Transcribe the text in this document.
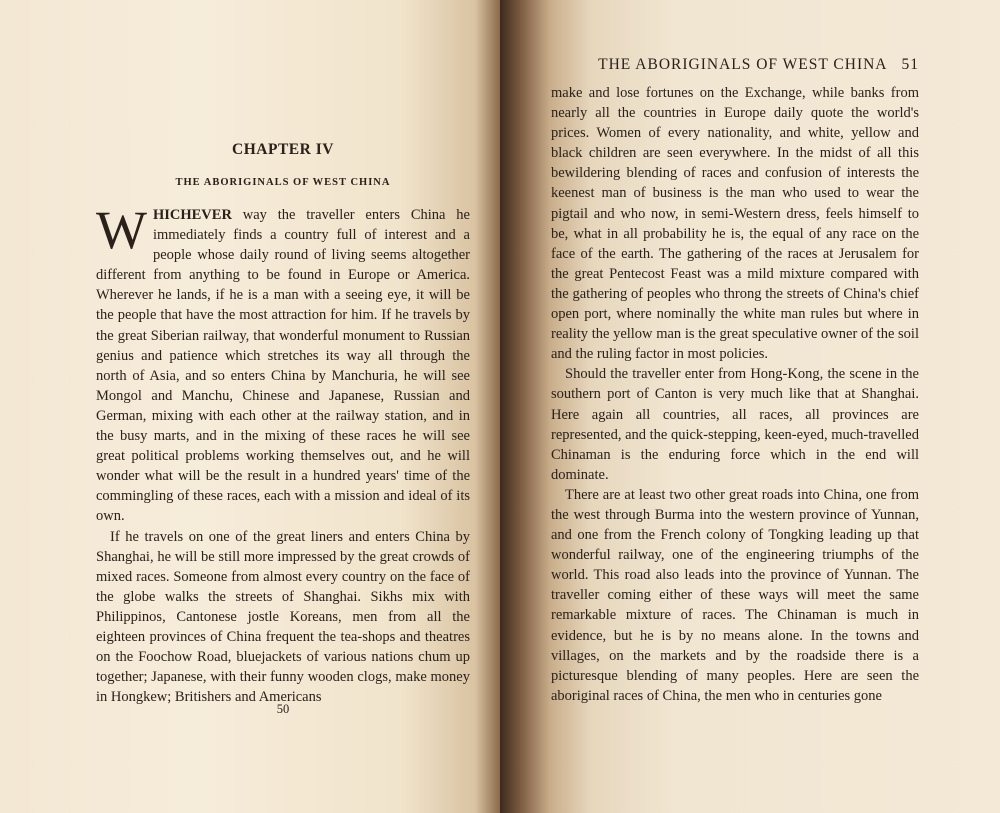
CHAPTER IV
THE ABORIGINALS OF WEST CHINA

WHICHEVER way the traveller enters China he immediately finds a country full of interest and a people whose daily round of living seems altogether different from anything to be found in Europe or America. Wherever he lands, if he is a man with a seeing eye, it will be the people that have the most attraction for him. If he travels by the great Siberian railway, that wonderful monument to Russian genius and patience which stretches its way all through the north of Asia, and so enters China by Manchuria, he will see Mongol and Manchu, Chinese and Japanese, Russian and German, mixing with each other at the railway station, and in the busy marts, and in the mixing of these races he will see great political problems working themselves out, and he will wonder what will be the result in a hundred years' time of the commingling of these races, each with a mission and ideal of its own.

If he travels on one of the great liners and enters China by Shanghai, he will be still more impressed by the great crowds of mixed races. Someone from almost every country on the face of the globe walks the streets of Shanghai. Sikhs mix with Philippinos, Cantonese jostle Koreans, men from all the eighteen provinces of China frequent the tea-shops and theatres on the Foochow Road, bluejackets of various nations chum up together; Japanese, with their funny wooden clogs, make money in Hongkew; Britishers and Americans

50
THE ABORIGINALS OF WEST CHINA 51

make and lose fortunes on the Exchange, while banks from nearly all the countries in Europe daily quote the world's prices. Women of every nationality, and white, yellow and black children are seen everywhere. In the midst of all this bewildering blending of races and confusion of interests the keenest man of business is the man who used to wear the pigtail and who now, in semi-Western dress, feels himself to be, what in all probability he is, the equal of any race on the face of the earth. The gathering of the races at Jerusalem for the great Pentecost Feast was a mild mixture compared with the gathering of peoples who throng the streets of China's chief open port, where nominally the white man rules but where in reality the yellow man is the great speculative owner of the soil and the ruling factor in most policies.

Should the traveller enter from Hong-Kong, the scene in the southern port of Canton is very much like that at Shanghai. Here again all countries, all races, all provinces are represented, and the quick-stepping, keen-eyed, much-travelled Chinaman is the enduring force which in the end will dominate.

There are at least two other great roads into China, one from the west through Burma into the western province of Yunnan, and one from the French colony of Tongking leading up that wonderful railway, one of the engineering triumphs of the world. This road also leads into the province of Yunnan. The traveller coming either of these ways will meet the same remarkable mixture of races. The Chinaman is much in evidence, but he is by no means alone. In the towns and villages, on the markets and by the roadside there is a picturesque blending of many peoples. Here are seen the aboriginal races of China, the men who in centuries gone
